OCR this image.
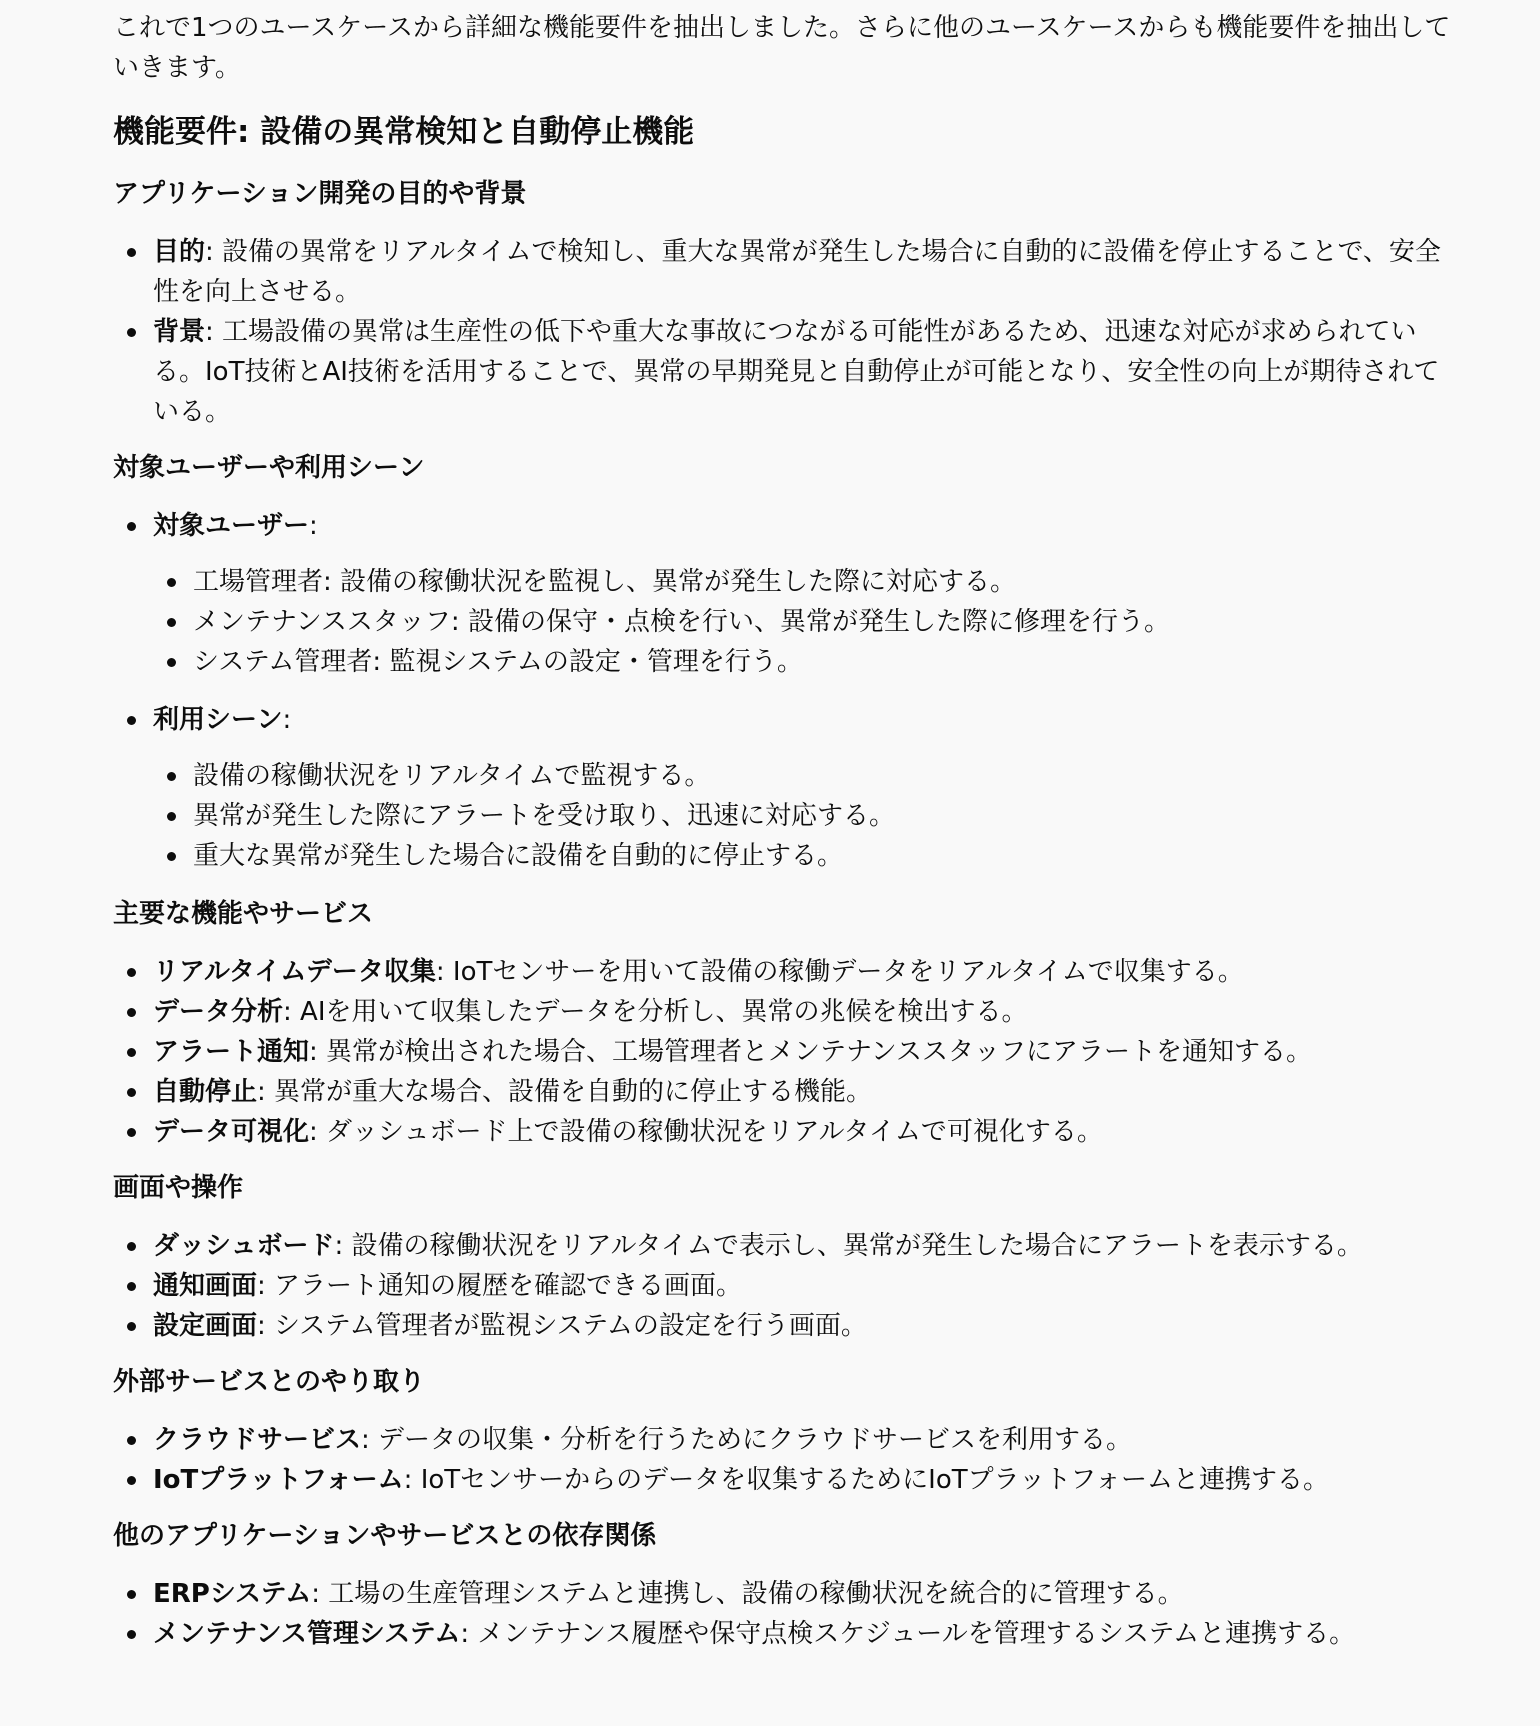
これで1つのユースケースから詳細な機能要件を抽出しました。さらに他のユースケースからも機能要件を抽出していきます。

機能要件: 設備の異常検知と自動停止機能
アプリケーション開発の目的や背景
目的: 設備の異常をリアルタイムで検知し、重大な異常が発生した場合に自動的に設備を停止することで、安全性を向上させる。
背景: 工場設備の異常は生産性の低下や重大な事故につながる可能性があるため、迅速な対応が求められている。IoT技術とAI技術を活用することで、異常の早期発見と自動停止が可能となり、安全性の向上が期待されている。
対象ユーザーや利用シーン
対象ユーザー:
工場管理者: 設備の稼働状況を監視し、異常が発生した際に対応する。
メンテナンススタッフ: 設備の保守・点検を行い、異常が発生した際に修理を行う。
システム管理者: 監視システムの設定・管理を行う。
利用シーン:
設備の稼働状況をリアルタイムで監視する。
異常が発生した際にアラートを受け取り、迅速に対応する。
重大な異常が発生した場合に設備を自動的に停止する。
主要な機能やサービス
リアルタイムデータ収集: IoTセンサーを用いて設備の稼働データをリアルタイムで収集する。
データ分析: AIを用いて収集したデータを分析し、異常の兆候を検出する。
アラート通知: 異常が検出された場合、工場管理者とメンテナンススタッフにアラートを通知する。
自動停止: 異常が重大な場合、設備を自動的に停止する機能。
データ可視化: ダッシュボード上で設備の稼働状況をリアルタイムで可視化する。
画面や操作
ダッシュボード: 設備の稼働状況をリアルタイムで表示し、異常が発生した場合にアラートを表示する。
通知画面: アラート通知の履歴を確認できる画面。
設定画面: システム管理者が監視システムの設定を行う画面。
外部サービスとのやり取り
クラウドサービス: データの収集・分析を行うためにクラウドサービスを利用する。
IoTプラットフォーム: IoTセンサーからのデータを収集するためにIoTプラットフォームと連携する。
他のアプリケーションやサービスとの依存関係
ERPシステム: 工場の生産管理システムと連携し、設備の稼働状況を統合的に管理する。
メンテナンス管理システム: メンテナンス履歴や保守点検スケジュールを管理するシステムと連携する。
